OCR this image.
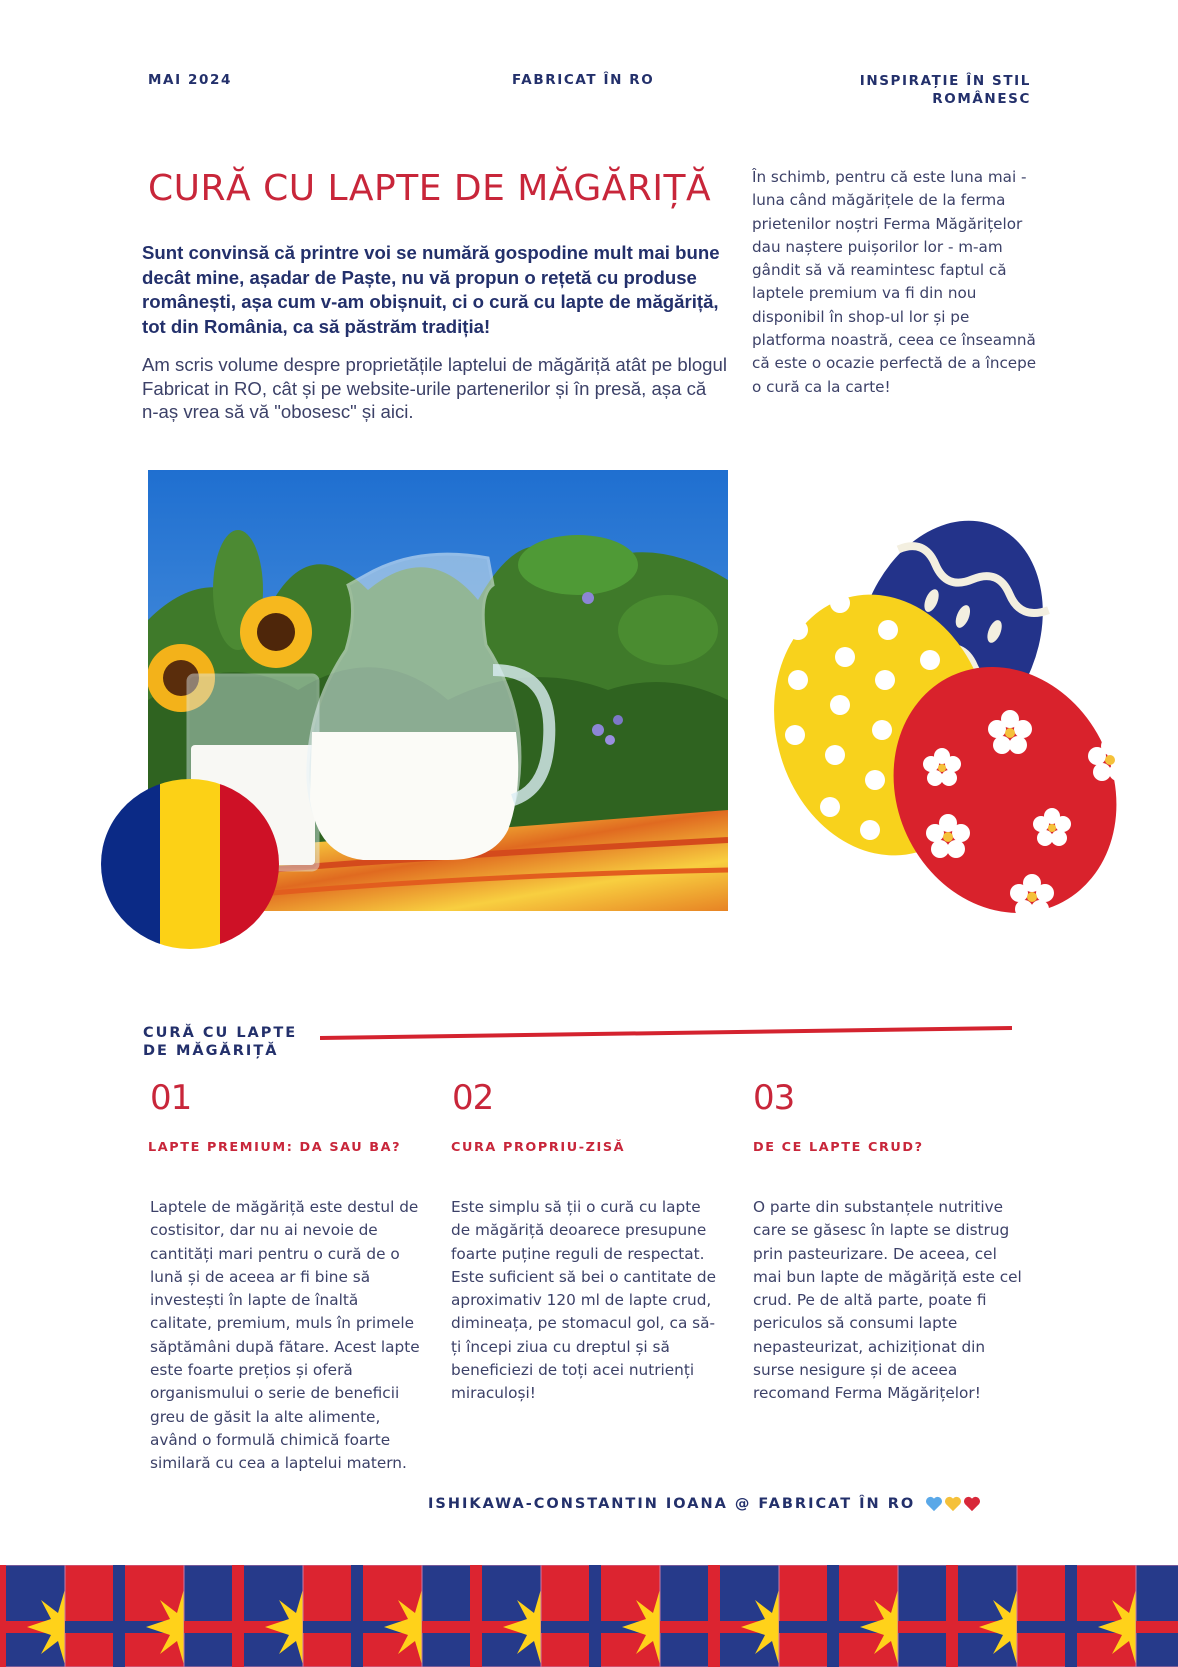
MAI 2024	FABRICAT ÎN RO	INSPIRAȚIE ÎN STIL ROMÂNESC
CURĂ CU LAPTE DE MĂGĂRIȚĂ

Sunt convinsă că printre voi se numără gospodine mult mai bune decât mine, așadar de Paște, nu vă propun o rețetă cu produse românești, așa cum v-am obișnuit, ci o cură cu lapte de măgăriță, tot din România, ca să păstrăm tradiția!

Am scris volume despre proprietățile laptelui de măgăriță atât pe blogul Fabricat in RO, cât și pe website-urile partenerilor și în presă, așa că n-aș vrea să vă "obosesc" și aici.

În schimb, pentru că este luna mai - luna când măgărițele de la ferma prietenilor noștri Ferma Măgărițelor dau naștere puișorilor lor - m-am gândit să vă reamintesc faptul că laptele premium va fi din nou disponibil în shop-ul lor și pe platforma noastră, ceea ce înseamnă că este o ocazie perfectă de a începe o cură ca la carte!

CURĂ CU LAPTE DE MĂGĂRIȚĂ
01
LAPTE PREMIUM: DA SAU BA?

Laptele de măgăriță este destul de costisitor, dar nu ai nevoie de cantități mari pentru o cură de o lună și de aceea ar fi bine să investești în lapte de înaltă calitate, premium, muls în primele săptămâni după fătare. Acest lapte este foarte prețios și oferă organismului o serie de beneficii greu de găsit la alte alimente, având o formulă chimică foarte similară cu cea a laptelui matern.

02
CURA PROPRIU-ZISĂ

Este simplu să ții o cură cu lapte de măgăriță deoarece presupune foarte puține reguli de respectat. Este suficient să bei o cantitate de aproximativ 120 ml de lapte crud, dimineața, pe stomacul gol, ca să-ți începi ziua cu dreptul și să beneficiezi de toți acei nutrienți miraculoși!

03
DE CE LAPTE CRUD?

O parte din substanțele nutritive care se găsesc în lapte se distrug prin pasteurizare. De aceea, cel mai bun lapte de măgăriță este cel crud. Pe de altă parte, poate fi periculos să consumi lapte nepasteurizat, achiziționat din surse nesigure și de aceea recomand Ferma Măgărițelor!

ISHIKAWA-CONSTANTIN IOANA @ FABRICAT ÎN RO
